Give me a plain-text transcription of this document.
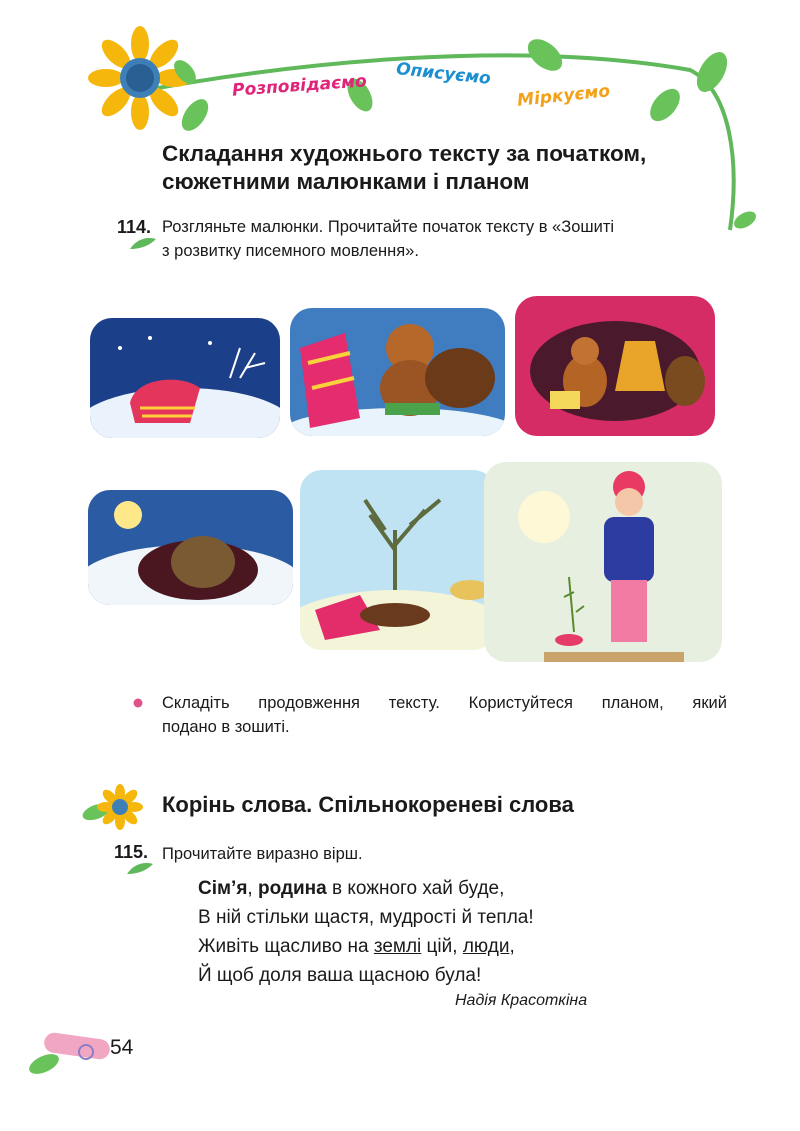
Розповідаємо Описуємо
Міркуємо
Складання художнього тексту за початком,
сюжетними малюнками і планом
114. Розгляньте малюнки. Прочитайте початок тексту в «Зошиті
з розвитку писемного мовлення».
Складіть продовження тексту. Користуйтеся планом, який
подано в зошиті.
Корінь слова. Спільнокореневі слова
115. Прочитайте виразно вірш.
Сім’я, родина в кожного хай буде,
В ній стільки щастя, мудрості й тепла!
Живіть щасливо на землі цій, люди,
Й щоб доля ваша щасною була!
Надія Красоткіна
54
